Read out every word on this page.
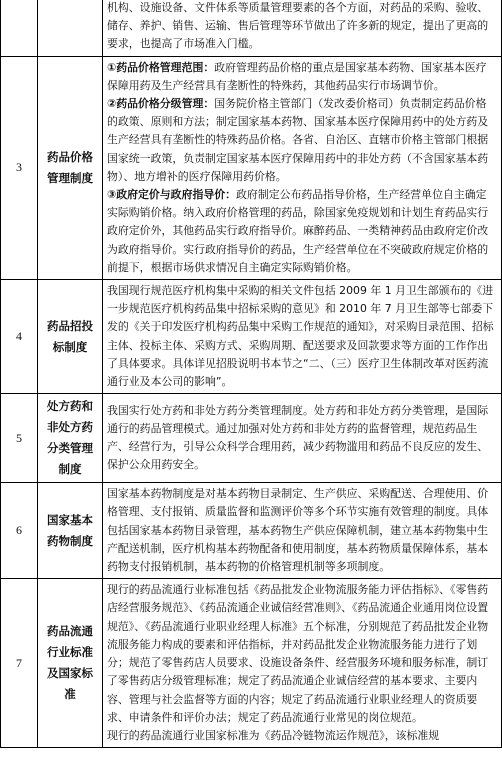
		机构、设施设备、文件体系等质量管理要素的各个方面，对药品的采购、验收、储存、养护、销售、运输、售后管理等环节做出了许多新的规定，提出了更高的要求，也提高了市场准入门槛。

3	药品价格管理制度	①药品价格管理范围：政府管理药品价格的重点是国家基本药物、国家基本医疗保障用药及生产经营具有垄断性的特殊药，其他药品实行市场调节价。

②药品价格分级管理：国务院价格主管部门（发改委价格司）负责制定药品价格的政策、原则和方法；制定国家基本药物、国家基本医疗保障用药中的处方药及生产经营具有垄断性的特殊药品价格。各省、自治区、直辖市价格主管部门根据国家统一政策，负责制定国家基本医疗保障用药中的非处方药（不含国家基本药物）、地方增补的医疗保障用药价格。

③政府定价与政府指导价：政府制定公布药品指导价格，生产经营单位自主确定实际购销价格。纳入政府价格管理的药品，除国家免疫规划和计划生育药品实行政府定价外，其他药品实行政府指导价。麻醉药品、一类精神药品由政府定价改为政府指导价。实行政府指导价的药品，生产经营单位在不突破政府规定价格的前提下，根据市场供求情况自主确定实际购销价格。

4	药品招投标制度	我国现行规范医疗机构集中采购的相关文件包括 2009 年 1 月卫生部颁布的《进一步规范医疗机构药品集中招标采购的意见》和 2010 年 7 月卫生部等七部委下发的《关于印发医疗机构药品集中采购工作规范的通知》，对采购目录范围、招标主体、投标主体、采购方式、采购周期、配送要求及回款要求等方面的工作作出了具体要求。具体详见招股说明书本节之“二、（三）医疗卫生体制改革对医药流通行业及本公司的影响”。

5	处方药和非处方药分类管理制度	我国实行处方药和非处方药分类管理制度。处方药和非处方药分类管理，是国际通行的药品管理模式。通过加强对处方药和非处方药的监督管理，规范药品生产、经营行为，引导公众科学合理用药，减少药物滥用和药品不良反应的发生、保护公众用药安全。

6	国家基本药物制度	国家基本药物制度是对基本药物目录制定、生产供应、采购配送、合理使用、价格管理、支付报销、质量监督和监测评价等多个环节实施有效管理的制度。具体包括国家基本药物目录管理，基本药物生产供应保障机制，建立基本药物集中生产配送机制，医疗机构基本药物配备和使用制度，基本药物质量保障体系，基本药物支付报销机制，基本药物的价格管理机制等多项制度。

7	药品流通行业标准及国家标准	现行的药品流通行业标准包括《药品批发企业物流服务能力评估指标》、《零售药店经营服务规范》、《药品流通企业诚信经营准则》、《药品流通企业通用岗位设置规范》、《药品流通行业职业经理人标准》五个标准，分别规范了药品批发企业物流服务能力构成的要素和评估指标，并对药品批发企业物流服务能力进行了划分；规范了零售药店人员要求、设施设备条件、经营服务环境和服务标准，制订了零售药店分级管理标准；规定了药品流通企业诚信经营的基本要求、主要内容、管理与社会监督等方面的内容；规定了药品流通行业职业经理人的资质要求、申请条件和评价办法；规定了药品流通行业常见的岗位规范。

现行的药品流通行业国家标准为《药品冷链物流运作规范》，该标准规
